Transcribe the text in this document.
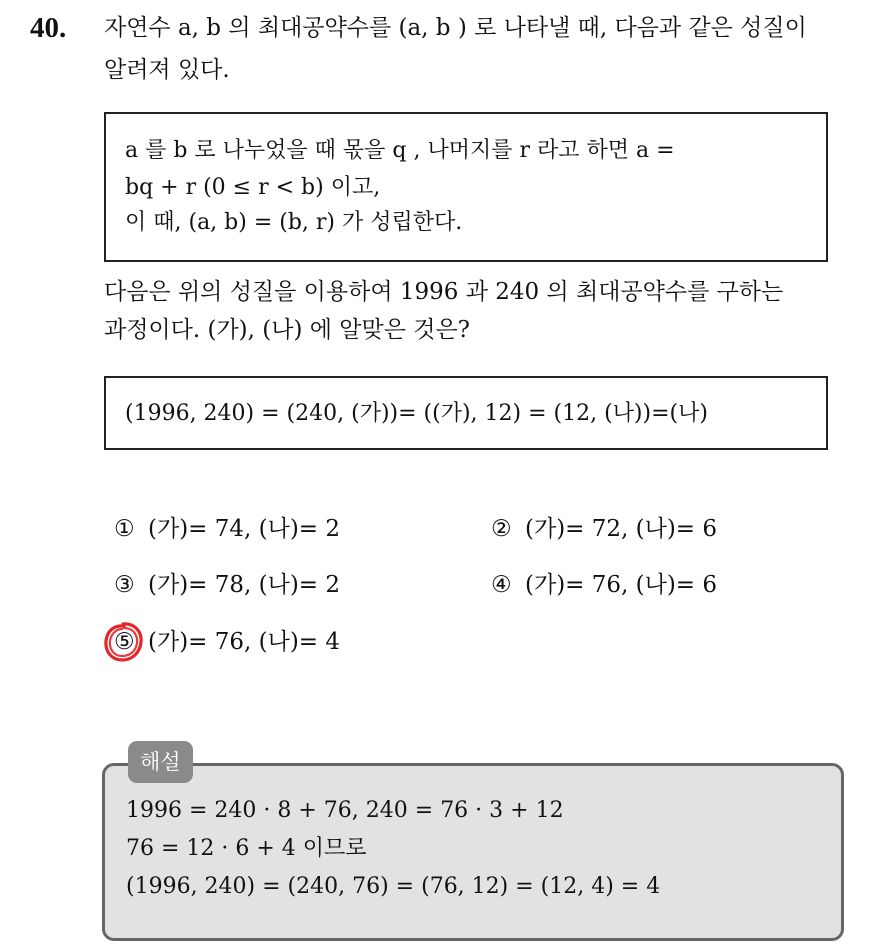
40. 자연수 a, b 의 최대공약수를 (a, b ) 로 나타낼 때, 다음과 같은 성질이
알려져 있다.
a 를 b 로 나누었을 때 몫을 q , 나머지를 r 라고 하면 a =
bq + r (0 ≤ r < b) 이고,
이 때, (a, b) = (b, r) 가 성립한다.
다음은 위의 성질을 이용하여 1996 과 240 의 최대공약수를 구하는
과정이다. (가), (나) 에 알맞은 것은?
(1996, 240) = (240, (가))= ((가), 12) = (12, (나))=(나)
① (가)= 74, (나)= 2	② (가)= 72, (나)= 6
③ (가)= 78, (나)= 2	④ (가)= 76, (나)= 6
⑤ (가)= 76, (나)= 4
해설
1996 = 240 · 8 + 76, 240 = 76 · 3 + 12
76 = 12 · 6 + 4 이므로
(1996, 240) = (240, 76) = (76, 12) = (12, 4) = 4
